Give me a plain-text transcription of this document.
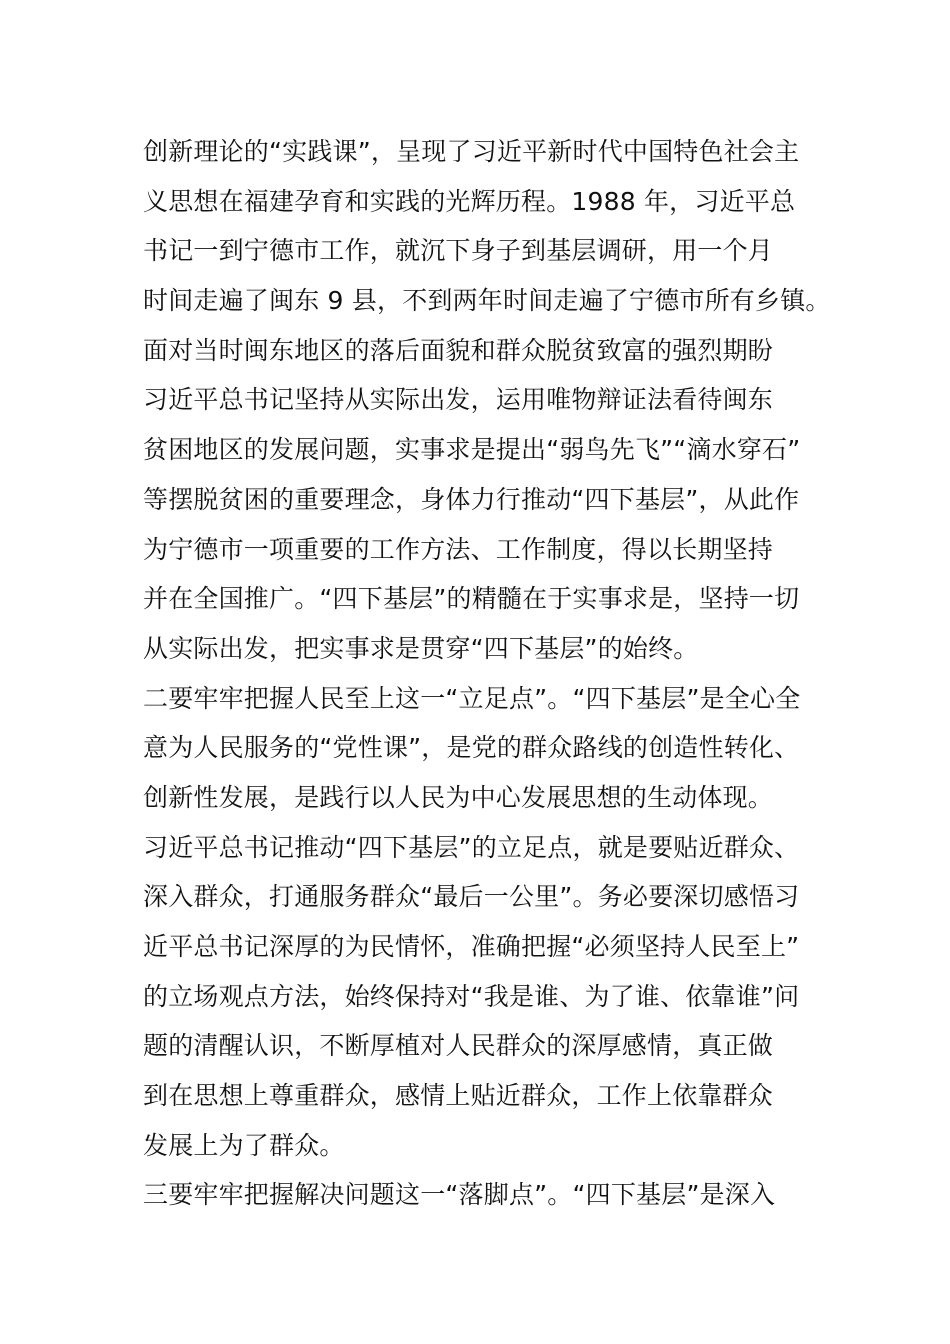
创新理论的“实践课”，呈现了习近平新时代中国特色社会主
义思想在福建孕育和实践的光辉历程。1988 年，习近平总
书记一到宁德市工作，就沉下身子到基层调研，用一个月
时间走遍了闽东 9 县，不到两年时间走遍了宁德市所有乡镇。
面对当时闽东地区的落后面貌和群众脱贫致富的强烈期盼
习近平总书记坚持从实际出发，运用唯物辩证法看待闽东
贫困地区的发展问题，实事求是提出“弱鸟先飞”“滴水穿石”
等摆脱贫困的重要理念，身体力行推动“四下基层”，从此作
为宁德市一项重要的工作方法、工作制度，得以长期坚持
并在全国推广。“四下基层”的精髓在于实事求是，坚持一切
从实际出发，把实事求是贯穿“四下基层”的始终。
二要牢牢把握人民至上这一“立足点”。“四下基层”是全心全
意为人民服务的“党性课”，是党的群众路线的创造性转化、
创新性发展，是践行以人民为中心发展思想的生动体现。
习近平总书记推动“四下基层”的立足点，就是要贴近群众、
深入群众，打通服务群众“最后一公里”。务必要深切感悟习
近平总书记深厚的为民情怀，准确把握“必须坚持人民至上”
的立场观点方法，始终保持对“我是谁、为了谁、依靠谁”问
题的清醒认识，不断厚植对人民群众的深厚感情，真正做
到在思想上尊重群众，感情上贴近群众，工作上依靠群众
发展上为了群众。
三要牢牢把握解决问题这一“落脚点”。“四下基层”是深入
